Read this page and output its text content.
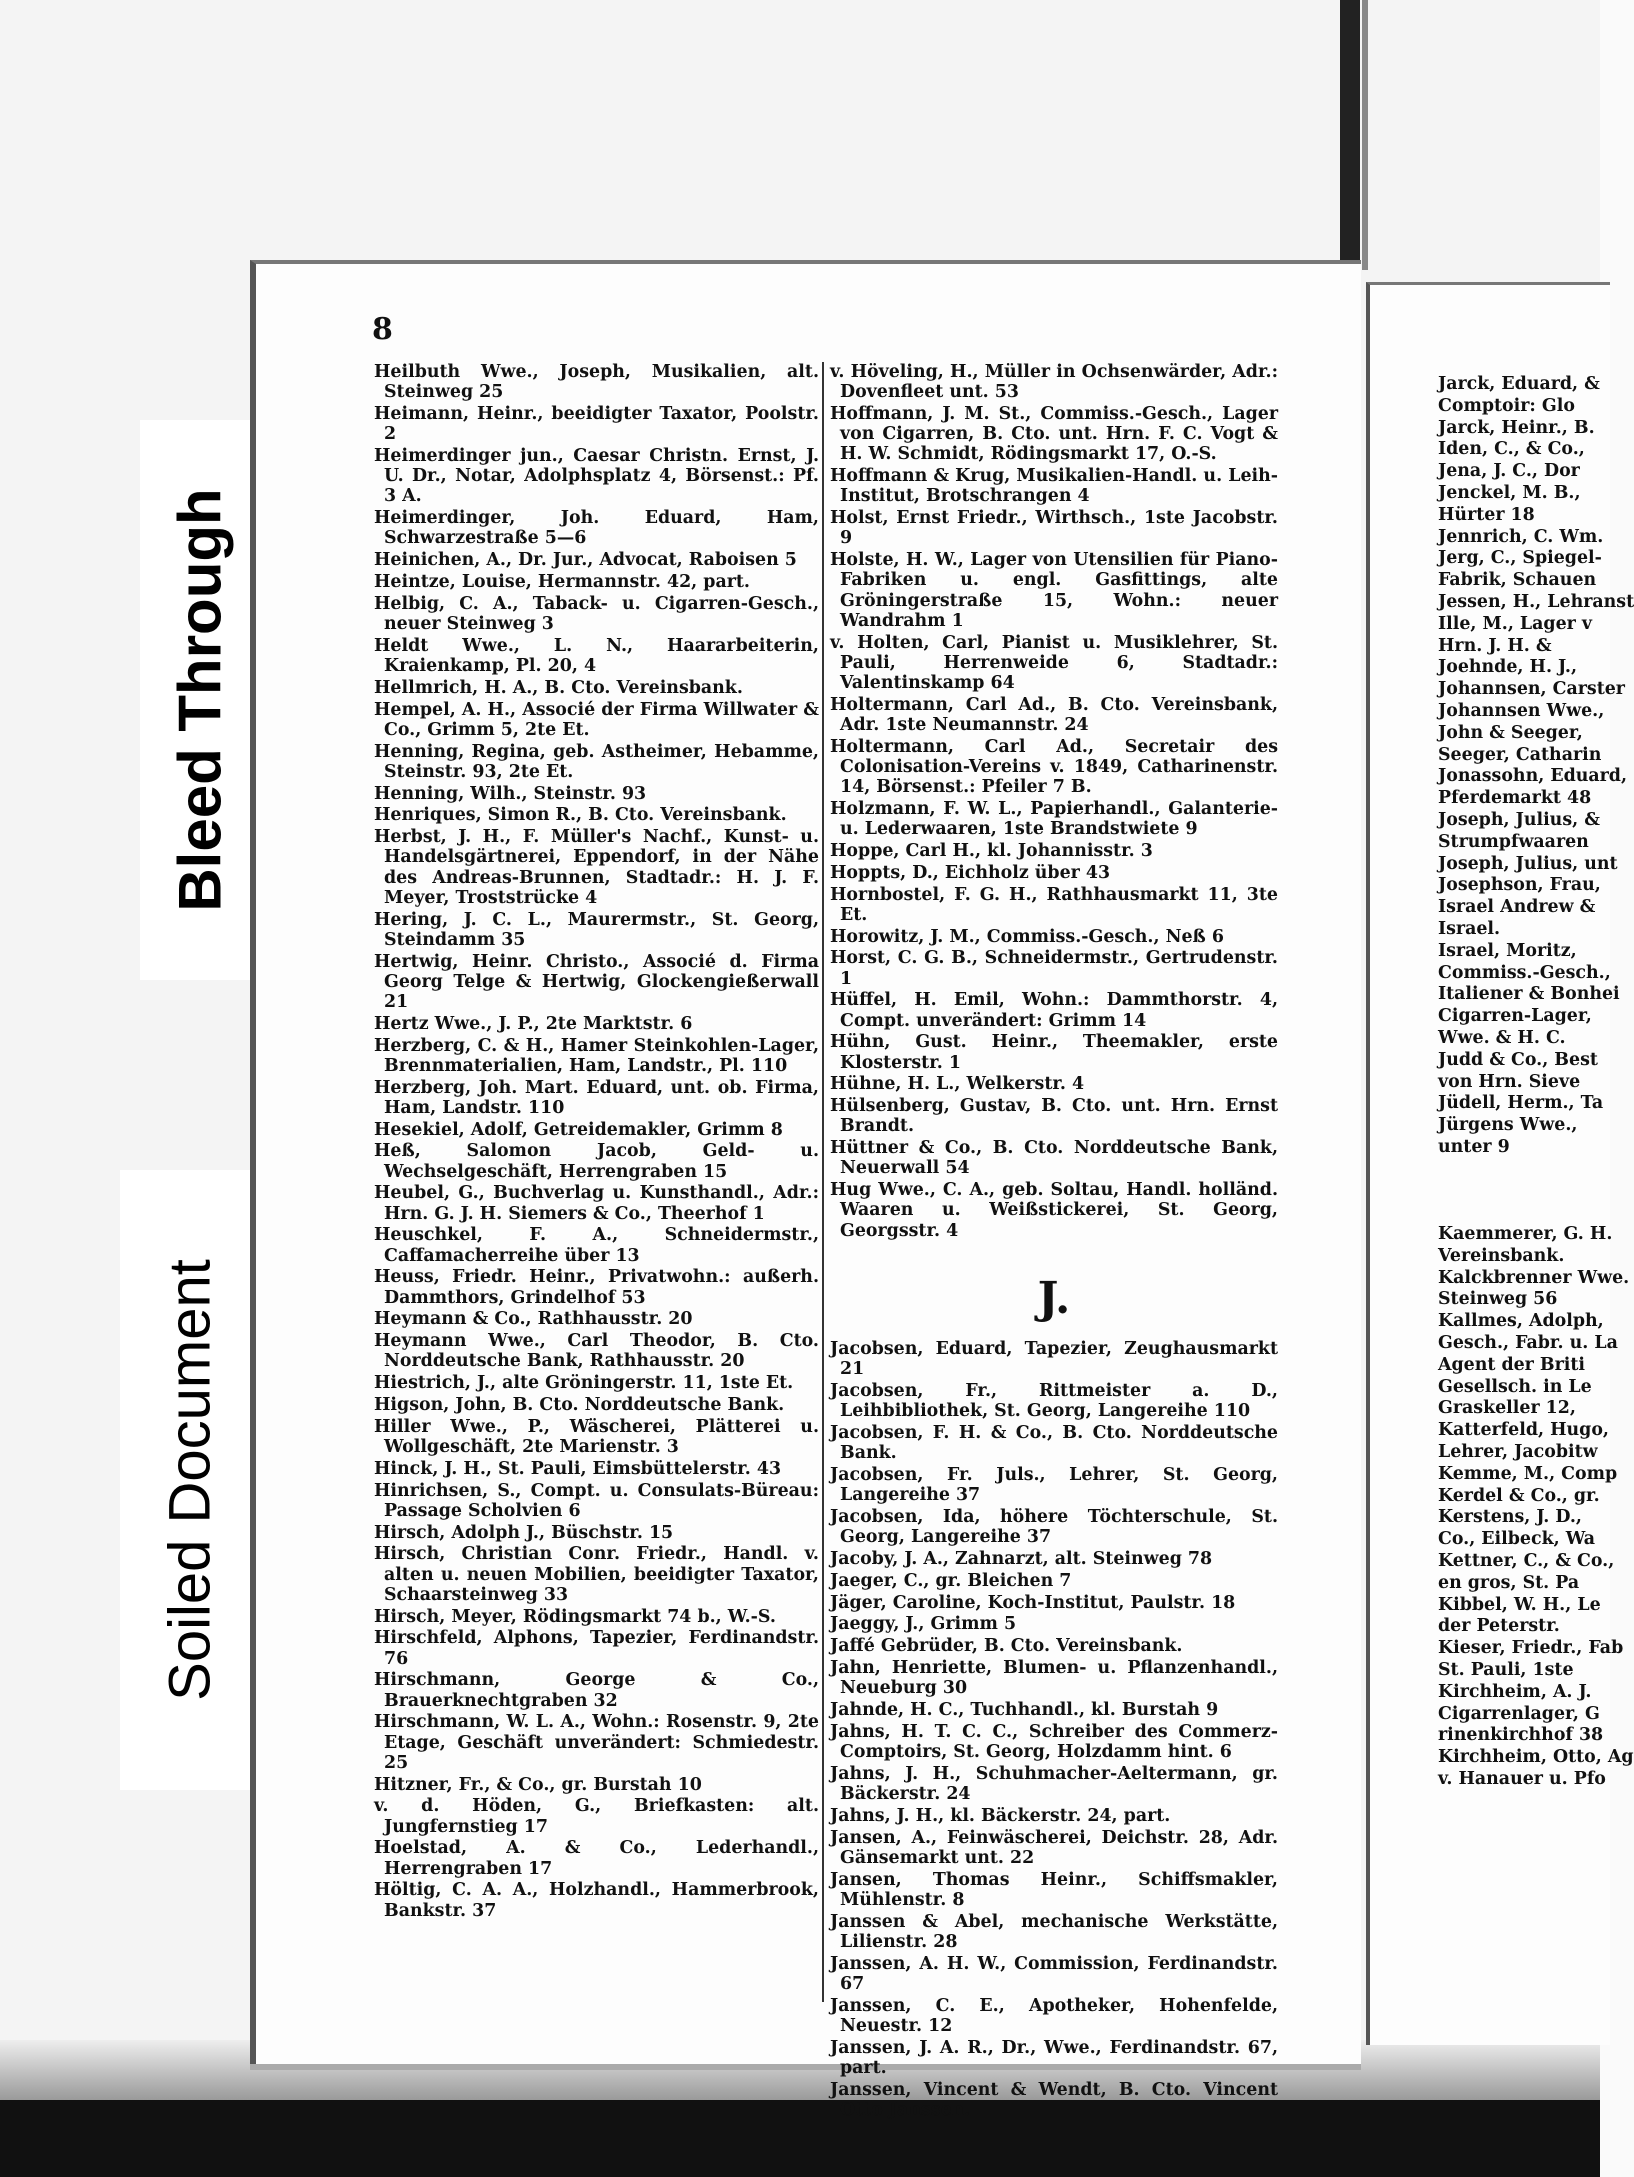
Bleed Through
Soiled Document
8
Heilbuth Wwe., Joseph, Musikalien, alt. Steinweg 25
Heimann, Heinr., beeidigter Taxator, Poolstr. 2
Heimerdinger jun., Caesar Christn. Ernst, J. U. Dr., Notar, Adolphsplatz 4, Börsenst.: Pf. 3 A.
Heimerdinger, Joh. Eduard, Ham, Schwarzestraße 5—6
Heinichen, A., Dr. Jur., Advocat, Raboisen 5
Heintze, Louise, Hermannstr. 42, part.
Helbig, C. A., Taback- u. Cigarren-Gesch., neuer Steinweg 3
Heldt Wwe., L. N., Haararbeiterin, Kraienkamp, Pl. 20, 4
Hellmrich, H. A., B. Cto. Vereinsbank.
Hempel, A. H., Associé der Firma Willwater & Co., Grimm 5, 2te Et.
Henning, Regina, geb. Astheimer, Hebamme, Steinstr. 93, 2te Et.
Henning, Wilh., Steinstr. 93
Henriques, Simon R., B. Cto. Vereinsbank.
Herbst, J. H., F. Müller's Nachf., Kunst- u. Handelsgärtnerei, Eppendorf, in der Nähe des Andreas-Brunnen, Stadtadr.: H. J. F. Meyer, Troststrücke 4
Hering, J. C. L., Maurermstr., St. Georg, Steindamm 35
Hertwig, Heinr. Christo., Associé d. Firma Georg Telge & Hertwig, Glockengießerwall 21
Hertz Wwe., J. P., 2te Marktstr. 6
Herzberg, C. & H., Hamer Steinkohlen-Lager, Brennmaterialien, Ham, Landstr., Pl. 110
Herzberg, Joh. Mart. Eduard, unt. ob. Firma, Ham, Landstr. 110
Hesekiel, Adolf, Getreidemakler, Grimm 8
Heß, Salomon Jacob, Geld- u. Wechselgeschäft, Herrengraben 15
Heubel, G., Buchverlag u. Kunsthandl., Adr.: Hrn. G. J. H. Siemers & Co., Theerhof 1
Heuschkel, F. A., Schneidermstr., Caffamacherreihe über 13
Heuss, Friedr. Heinr., Privatwohn.: außerh. Dammthors, Grindelhof 53
Heymann & Co., Rathhausstr. 20
Heymann Wwe., Carl Theodor, B. Cto. Norddeutsche Bank, Rathhausstr. 20
Hiestrich, J., alte Gröningerstr. 11, 1ste Et.
Higson, John, B. Cto. Norddeutsche Bank.
Hiller Wwe., P., Wäscherei, Plätterei u. Wollgeschäft, 2te Marienstr. 3
Hinck, J. H., St. Pauli, Eimsbüttelerstr. 43
Hinrichsen, S., Compt. u. Consulats-Büreau: Passage Scholvien 6
Hirsch, Adolph J., Büschstr. 15
Hirsch, Christian Conr. Friedr., Handl. v. alten u. neuen Mobilien, beeidigter Taxator, Schaarsteinweg 33
Hirsch, Meyer, Rödingsmarkt 74 b., W.-S.
Hirschfeld, Alphons, Tapezier, Ferdinandstr. 76
Hirschmann, George & Co., Brauerknechtgraben 32
Hirschmann, W. L. A., Wohn.: Rosenstr. 9, 2te Etage, Geschäft unverändert: Schmiedestr. 25
Hitzner, Fr., & Co., gr. Burstah 10
v. d. Höden, G., Briefkasten: alt. Jungfernstieg 17
Hoelstad, A. & Co., Lederhandl., Herrengraben 17
Höltig, C. A. A., Holzhandl., Hammerbrook, Bankstr. 37
v. Höveling, H., Müller in Ochsenwärder, Adr.: Dovenfleet unt. 53
Hoffmann, J. M. St., Commiss.-Gesch., Lager von Cigarren, B. Cto. unt. Hrn. F. C. Vogt & H. W. Schmidt, Rödingsmarkt 17, O.-S.
Hoffmann & Krug, Musikalien-Handl. u. Leih-Institut, Brotschrangen 4
Holst, Ernst Friedr., Wirthsch., 1ste Jacobstr. 9
Holste, H. W., Lager von Utensilien für Piano-Fabriken u. engl. Gasfittings, alte Gröningerstraße 15, Wohn.: neuer Wandrahm 1
v. Holten, Carl, Pianist u. Musiklehrer, St. Pauli, Herrenweide 6, Stadtadr.: Valentinskamp 64
Holtermann, Carl Ad., B. Cto. Vereinsbank, Adr. 1ste Neumannstr. 24
Holtermann, Carl Ad., Secretair des Colonisation-Vereins v. 1849, Catharinenstr. 14, Börsenst.: Pfeiler 7 B.
Holzmann, F. W. L., Papierhandl., Galanterie- u. Lederwaaren, 1ste Brandstwiete 9
Hoppe, Carl H., kl. Johannisstr. 3
Hoppts, D., Eichholz über 43
Hornbostel, F. G. H., Rathhausmarkt 11, 3te Et.
Horowitz, J. M., Commiss.-Gesch., Neß 6
Horst, C. G. B., Schneidermstr., Gertrudenstr. 1
Hüffel, H. Emil, Wohn.: Dammthorstr. 4, Compt. unverändert: Grimm 14
Hühn, Gust. Heinr., Theemakler, erste Klosterstr. 1
Hühne, H. L., Welkerstr. 4
Hülsenberg, Gustav, B. Cto. unt. Hrn. Ernst Brandt.
Hüttner & Co., B. Cto. Norddeutsche Bank, Neuerwall 54
Hug Wwe., C. A., geb. Soltau, Handl. holländ. Waaren u. Weißstickerei, St. Georg, Georgsstr. 4
J.
Jacobsen, Eduard, Tapezier, Zeughausmarkt 21
Jacobsen, Fr., Rittmeister a. D., Leihbibliothek, St. Georg, Langereihe 110
Jacobsen, F. H. & Co., B. Cto. Norddeutsche Bank.
Jacobsen, Fr. Juls., Lehrer, St. Georg, Langereihe 37
Jacobsen, Ida, höhere Töchterschule, St. Georg, Langereihe 37
Jacoby, J. A., Zahnarzt, alt. Steinweg 78
Jaeger, C., gr. Bleichen 7
Jäger, Caroline, Koch-Institut, Paulstr. 18
Jaeggy, J., Grimm 5
Jaffé Gebrüder, B. Cto. Vereinsbank.
Jahn, Henriette, Blumen- u. Pflanzenhandl., Neueburg 30
Jahnde, H. C., Tuchhandl., kl. Burstah 9
Jahns, H. T. C. C., Schreiber des Commerz-Comptoirs, St. Georg, Holzdamm hint. 6
Jahns, J. H., Schuhmacher-Aeltermann, gr. Bäckerstr. 24
Jahns, J. H., kl. Bäckerstr. 24, part.
Jansen, A., Feinwäscherei, Deichstr. 28, Adr. Gänsemarkt unt. 22
Jansen, Thomas Heinr., Schiffsmakler, Mühlenstr. 8
Janssen & Abel, mechanische Werkstätte, Lilienstr. 28
Janssen, A. H. W., Commission, Ferdinandstr. 67
Janssen, C. E., Apotheker, Hohenfelde, Neuestr. 12
Janssen, J. A. R., Dr., Wwe., Ferdinandstr. 67, part.
Janssen, Vincent & Wendt, B. Cto. Vincent Otto Janssen.
Jarck, Eduard, &
Comptoir: Glo
Jarck, Heinr., B.
Iden, C., & Co.,
Jena, J. C., Dor
Jenckel, M. B.,
Hürter 18
Jennrich, C. Wm.
Jerg, C., Spiegel-
Fabrik, Schauen
Jessen, H., Lehranst
Ille, M., Lager v
Hrn. J. H. &
Joehnde, H. J.,
Johannsen, Carster
Johannsen Wwe.,
John & Seeger,
Seeger, Catharin
Jonassohn, Eduard,
Pferdemarkt 48
Joseph, Julius, &
Strumpfwaaren
Joseph, Julius, unt
Josephson, Frau,
Israel Andrew &
Israel.
Israel, Moritz,
Commiss.-Gesch.,
Italiener & Bonhei
Cigarren-Lager,
Wwe. & H. C.
Judd & Co., Best
von Hrn. Sieve
Jüdell, Herm., Ta
Jürgens Wwe.,
unter 9

Kaemmerer, G. H.
Vereinsbank.
Kalckbrenner Wwe.
Steinweg 56
Kallmes, Adolph,
Gesch., Fabr. u. La
Agent der Briti
Gesellsch. in Le
Graskeller 12,
Katterfeld, Hugo,
Lehrer, Jacobitw
Kemme, M., Comp
Kerdel & Co., gr.
Kerstens, J. D.,
Co., Eilbeck, Wa
Kettner, C., & Co.,
en gros, St. Pa
Kibbel, W. H., Le
der Peterstr.
Kieser, Friedr., Fab
St. Pauli, 1ste
Kirchheim, A. J.
Cigarrenlager, G
rinenkirchhof 38
Kirchheim, Otto, Ag
v. Hanauer u. Pfo
